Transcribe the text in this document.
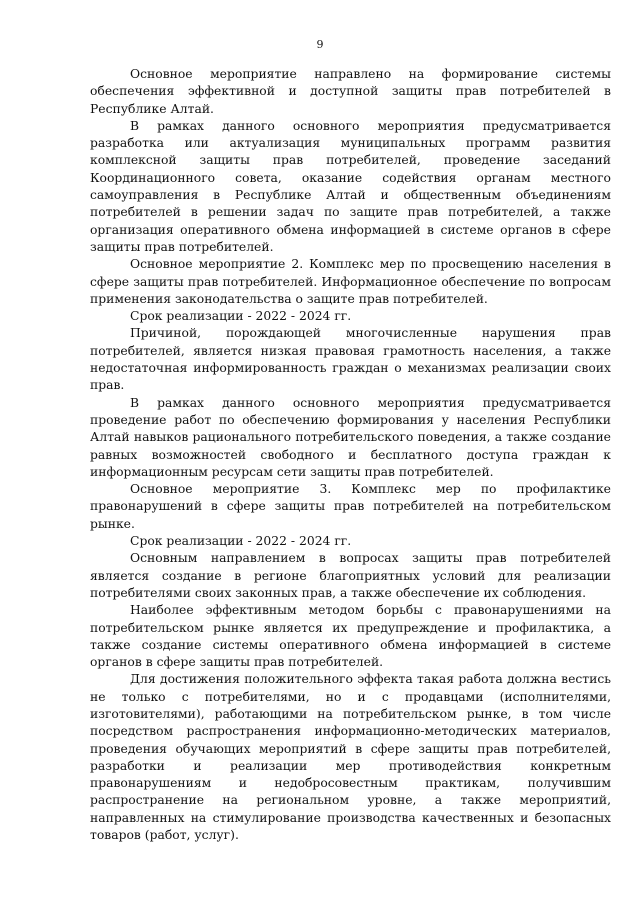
9

Основное мероприятие направлено на формирование системы обеспечения эффективной и доступной защиты прав потребителей в Республике Алтай.

В рамках данного основного мероприятия предусматривается разработка или актуализация муниципальных программ развития комплексной защиты прав потребителей, проведение заседаний Координационного совета, оказание содействия органам местного самоуправления в Республике Алтай и общественным объединениям потребителей в решении задач по защите прав потребителей, а также организация оперативного обмена информацией в системе органов в сфере защиты прав потребителей.

Основное мероприятие 2. Комплекс мер по просвещению населения в сфере защиты прав потребителей. Информационное обеспечение по вопросам применения законодательства о защите прав потребителей.

Срок реализации - 2022 - 2024 гг.

Причиной, порождающей многочисленные нарушения прав потребителей, является низкая правовая грамотность населения, а также недостаточная информированность граждан о механизмах реализации своих прав.

В рамках данного основного мероприятия предусматривается проведение работ по обеспечению формирования у населения Республики Алтай навыков рационального потребительского поведения, а также создание равных возможностей свободного и бесплатного доступа граждан к информационным ресурсам сети защиты прав потребителей.

Основное мероприятие 3. Комплекс мер по профилактике правонарушений в сфере защиты прав потребителей на потребительском рынке.

Срок реализации - 2022 - 2024 гг.

Основным направлением в вопросах защиты прав потребителей является создание в регионе благоприятных условий для реализации потребителями своих законных прав, а также обеспечение их соблюдения.

Наиболее эффективным методом борьбы с правонарушениями на потребительском рынке является их предупреждение и профилактика, а также создание системы оперативного обмена информацией в системе органов в сфере защиты прав потребителей.

Для достижения положительного эффекта такая работа должна вестись не только с потребителями, но и с продавцами (исполнителями, изготовителями), работающими на потребительском рынке, в том числе посредством распространения информационно-методических материалов, проведения обучающих мероприятий в сфере защиты прав потребителей, разработки и реализации мер противодействия конкретным правонарушениям и недобросовестным практикам, получившим распространение на региональном уровне, а также мероприятий, направленных на стимулирование производства качественных и безопасных товаров (работ, услуг).
